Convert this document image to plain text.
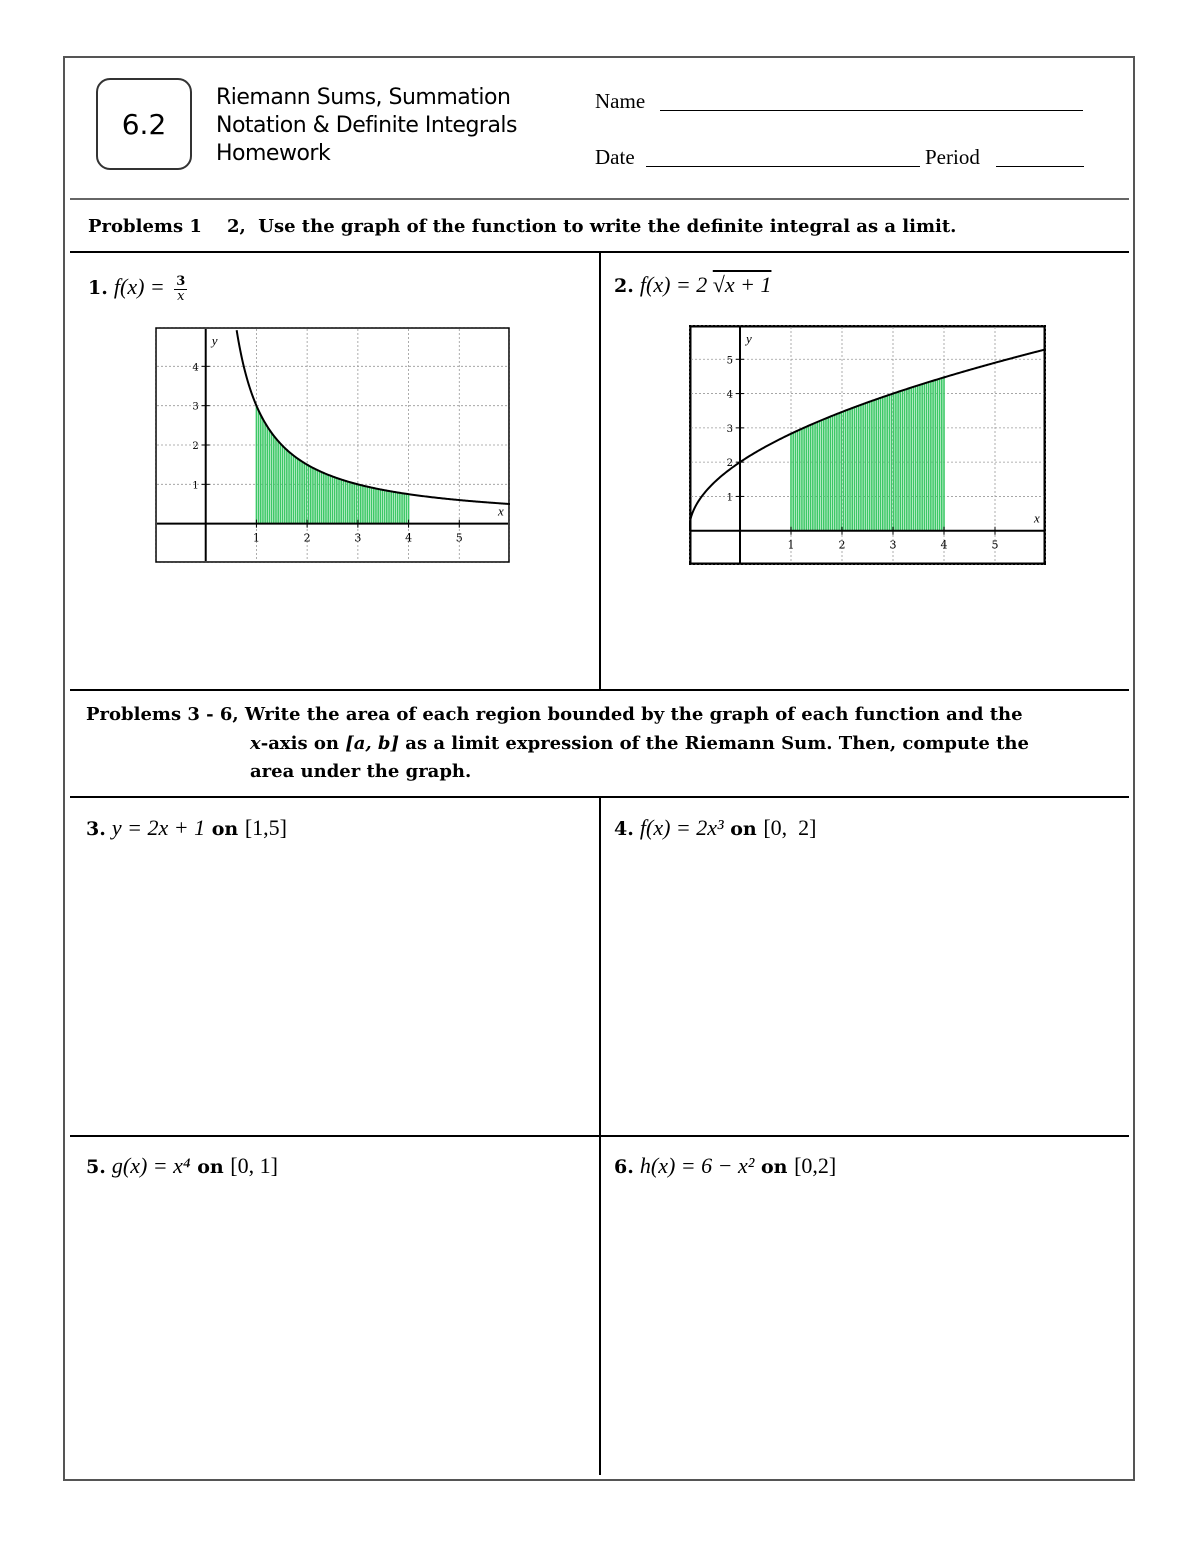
6.2
Riemann Sums, Summation
Notation & Definite Integrals
Homework
Name
Date	Period
Problems 1    2,  Use the graph of the function to write the definite integral as a limit.
Problems 3 - 6, Write the area of each region bounded by the graph of each function and the
x-axis on [a, b] as a limit expression of the Riemann Sum. Then, compute the
area under the graph.
1. $f(x) = \frac{3}{x}$	2. f(x) = 2 √x + 1
3. y = 2x + 1 on [1,5]	4. f(x) = 2x³ on [0,  2]
5. g(x) = x⁴ on [0, 1]	6. h(x) = 6 − x² on [0,2]
1	2	3	4	5
1
2
3
4
x
y
1	2	3	4	5
1
2
3
4
5
x
y
